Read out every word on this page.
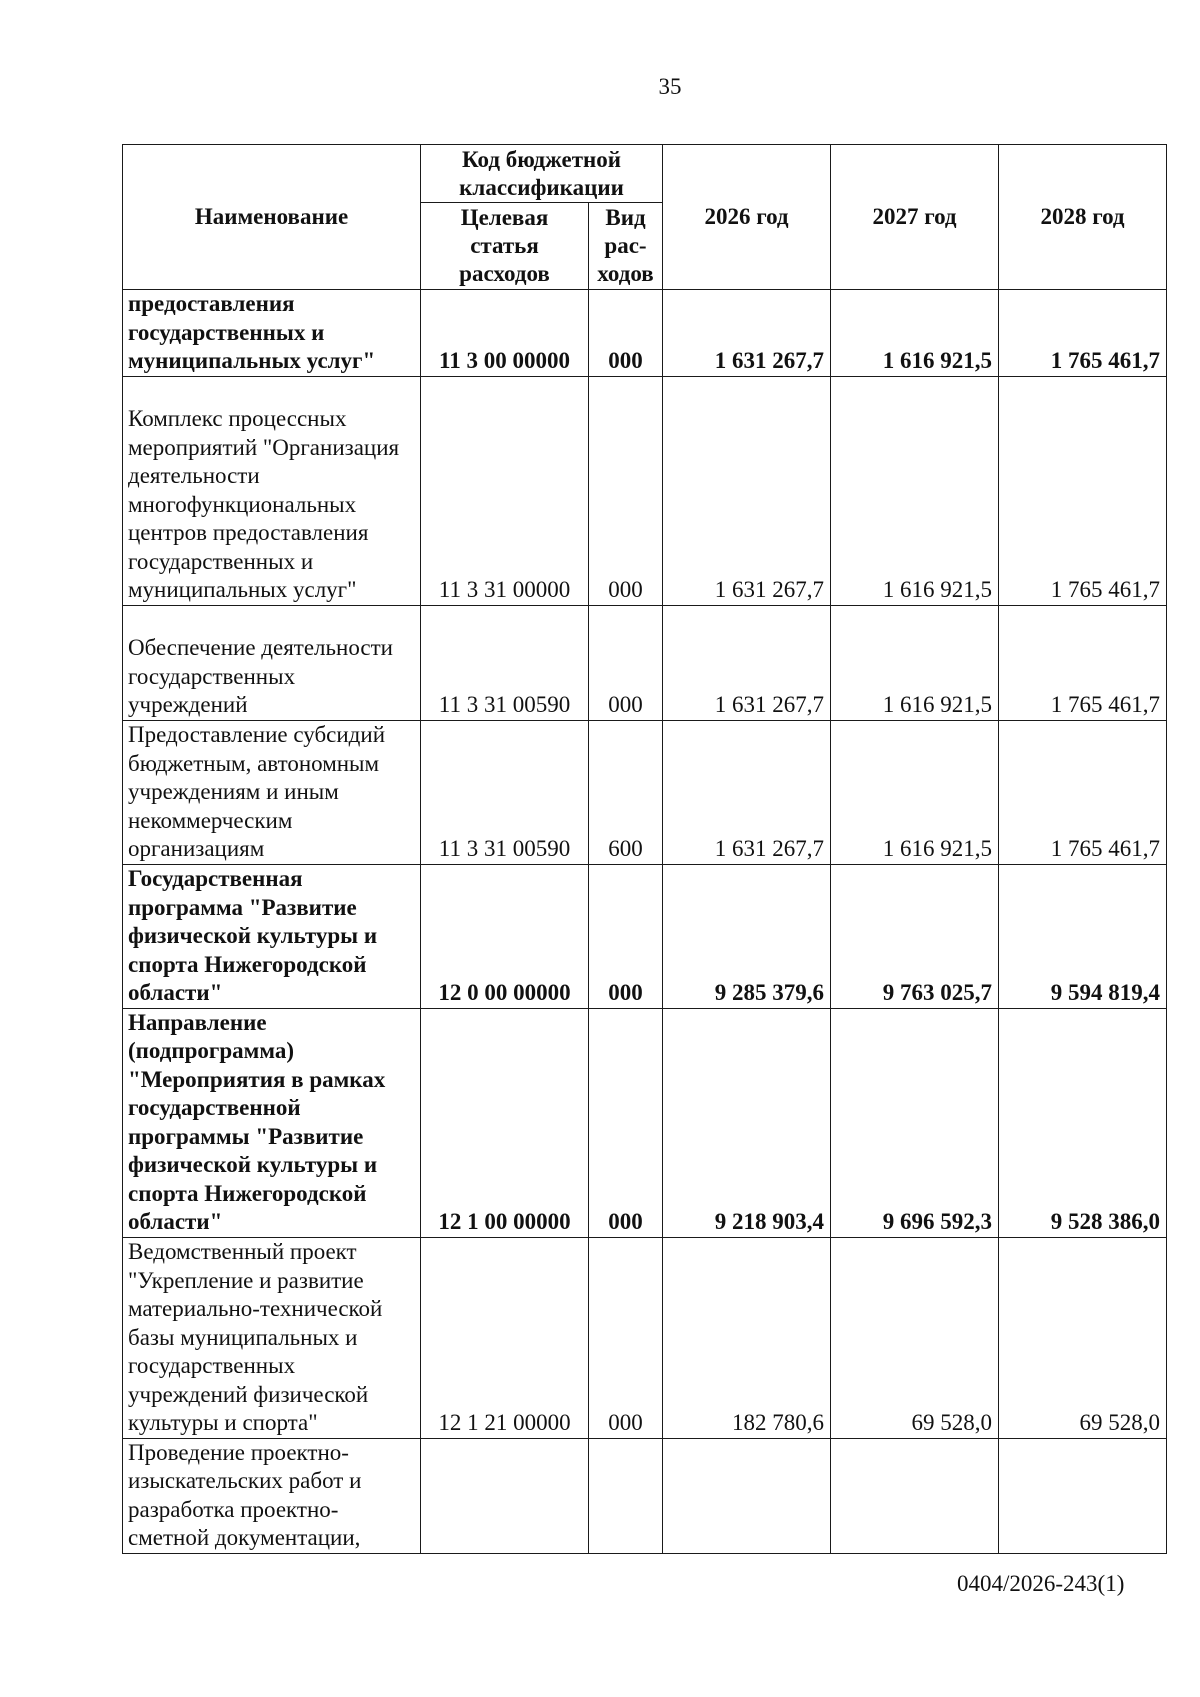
35
Наименование	Код бюджетной классификации		2026 год	2027 год	2028 год
	Целевая статья расходов	Вид рас-ходов			
предоставления государственных и муниципальных услуг"	11 3 00 00000	000	1 631 267,7	1 616 921,5	1 765 461,7
Комплекс процессных мероприятий "Организация деятельности многофункциональных центров предоставления государственных и муниципальных услуг"	11 3 31 00000	000	1 631 267,7	1 616 921,5	1 765 461,7
Обеспечение деятельности государственных учреждений	11 3 31 00590	000	1 631 267,7	1 616 921,5	1 765 461,7
Предоставление субсидий бюджетным, автономным учреждениям и иным некоммерческим организациям	11 3 31 00590	600	1 631 267,7	1 616 921,5	1 765 461,7
Государственная программа "Развитие физической культуры и спорта Нижегородской области"	12 0 00 00000	000	9 285 379,6	9 763 025,7	9 594 819,4
Направление (подпрограмма) "Мероприятия в рамках государственной программы "Развитие физической культуры и спорта Нижегородской области"	12 1 00 00000	000	9 218 903,4	9 696 592,3	9 528 386,0
Ведомственный проект "Укрепление и развитие материально-технической базы муниципальных и государственных учреждений физической культуры и спорта"	12 1 21 00000	000	182 780,6	69 528,0	69 528,0
Проведение проектно-изыскательских работ и разработка проектно-сметной документации,					
0404/2026-243(1)
